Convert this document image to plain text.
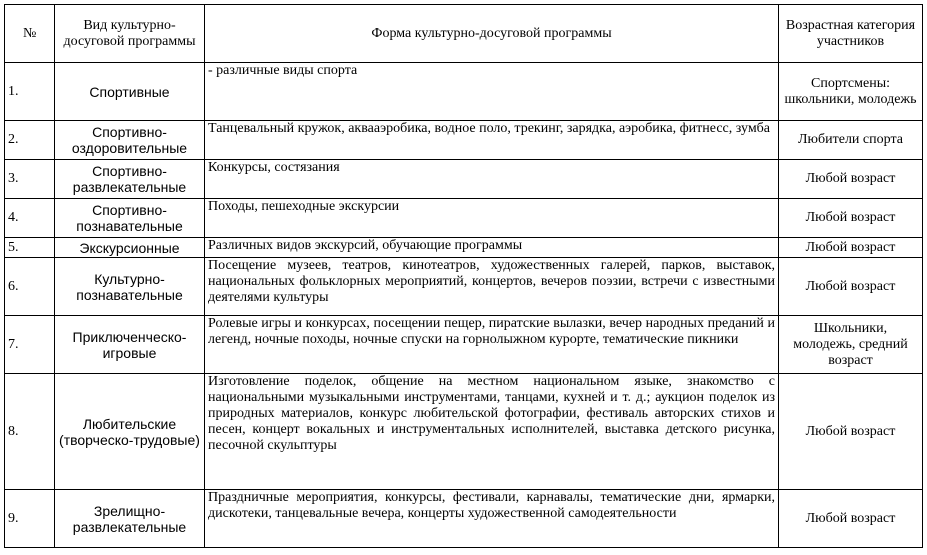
№	Вид культурно-досуговой программы	Форма культурно-досуговой программы	Возрастная категория участников
1.	Спортивные	- различные виды спорта	Спортсмены: школьники, молодежь
2.	Спортивно-оздоровительные	Танцевальный кружок, аквааэробика, водное поло, трекинг, зарядка, аэробика, фитнесс, зумба	Любители спорта
3.	Спортивно-развлекательные	Конкурсы, состязания	Любой возраст
4.	Спортивно-познавательные	Походы, пешеходные экскурсии	Любой возраст
5.	Экскурсионные	Различных видов экскурсий, обучающие программы	Любой возраст
6.	Культурно-познавательные	Посещение музеев, театров, кинотеатров, художественных галерей, парков, выставок, национальных фольклорных мероприятий, концертов, вечеров поэзии, встречи с известными деятелями культуры	Любой возраст
7.	Приключенческо-игровые	Ролевые игры и конкурсах, посещении пещер, пиратские вылазки, вечер народных преданий и легенд, ночные походы, ночные спуски на горнолыжном курорте, тематические пикники	Школьники, молодежь, средний возраст
8.	Любительские (творческо-трудовые)	Изготовление поделок, общение на местном национальном языке, знакомство с национальными музыкальными инструментами, танцами, кухней и т. д.; аукцион поделок из природных материалов, конкурс любительской фотографии, фестиваль авторских стихов и песен, концерт вокальных и инструментальных исполнителей, выставка детского рисунка, песочной скульптуры	Любой возраст
9.	Зрелищно-развлекательные	Праздничные мероприятия, конкурсы, фестивали, карнавалы, тематические дни, ярмарки, дискотеки, танцевальные вечера, концерты художественной самодеятельности	Любой возраст
